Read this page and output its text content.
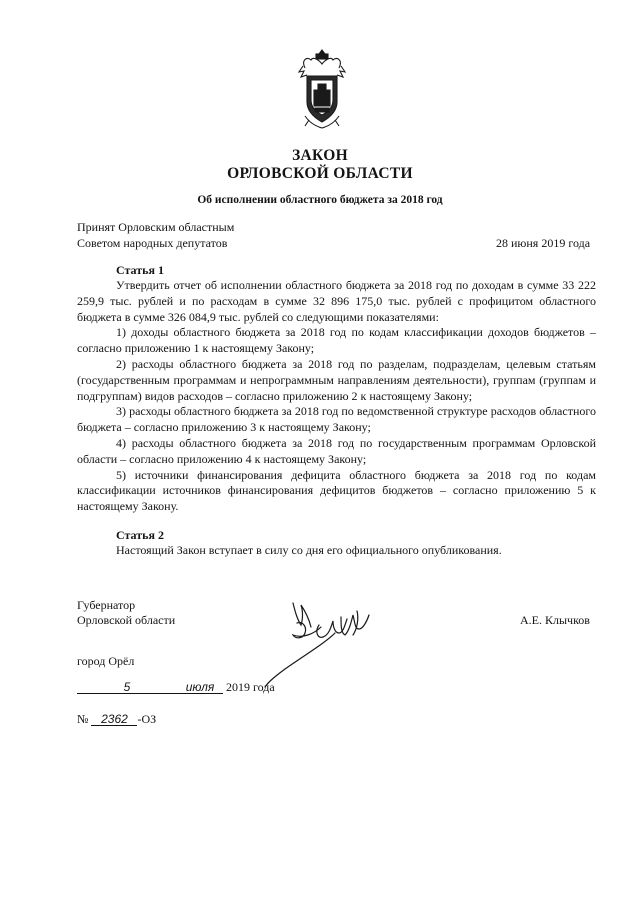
ЗАКОН
ОРЛОВСКОЙ ОБЛАСТИ
Об исполнении областного бюджета за 2018 год
Принят Орловским областным
Советом народных депутатов	28 июня 2019 года
Статья 1

Утвердить отчет об исполнении областного бюджета за 2018 год по доходам в сумме 33 222 259,9 тыс. рублей и по расходам в сумме 32 896 175,0 тыс. рублей с профицитом областного бюджета в сумме 326 084,9 тыс. рублей со следующими показателями:

1) доходы областного бюджета за 2018 год по кодам классификации доходов бюджетов – согласно приложению 1 к настоящему Закону;

2) расходы областного бюджета за 2018 год по разделам, подразделам, целевым статьям (государственным программам и непрограммным направлениям деятельности), группам (группам и подгруппам) видов расходов – согласно приложению 2 к настоящему Закону;

3) расходы областного бюджета за 2018 год по ведомственной структуре расходов областного бюджета – согласно приложению 3 к настоящему Закону;

4) расходы областного бюджета за 2018 год по государственным программам Орловской области – согласно приложению 4 к настоящему Закону;

5) источники финансирования дефицита областного бюджета за 2018 год по кодам классификации источников финансирования дефицитов бюджетов – согласно приложению 5 к настоящему Закону.

Статья 2
Настоящий Закон вступает в силу со дня его официального опубликования.
Губернатор
Орловской области	А.Е. Клычков
город Орёл
5	июля 2019 года
№ 2362 -ОЗ
